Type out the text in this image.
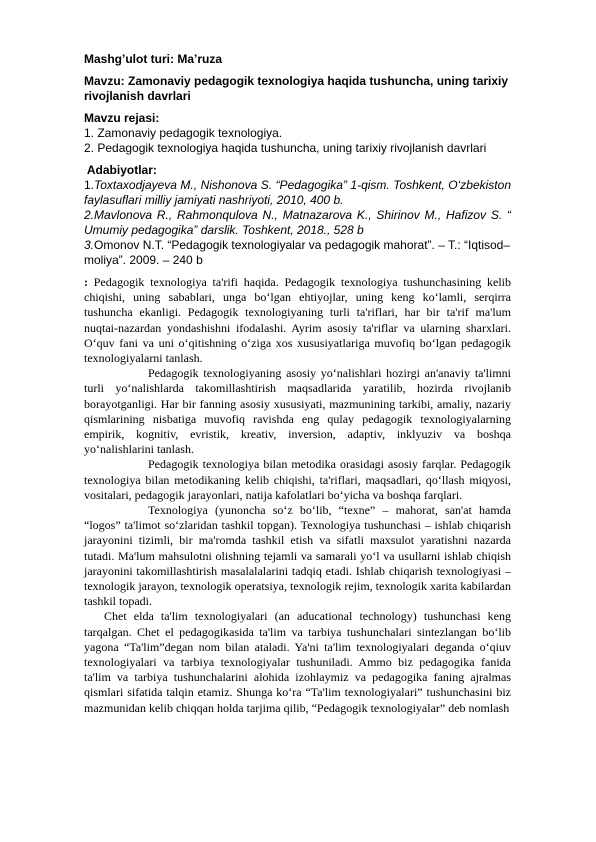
Mashg’ulot turi: Ma’ruza

Mavzu: Zamonaviy pedagogik texnologiya haqida tushuncha, uning tarixiy rivojlanish davrlari

Mavzu rejasi:

1. Zamonaviy pedagogik texnologiya.

2. Pedagogik texnologiya haqida tushuncha, uning tarixiy rivojlanish davrlari

Adabiyotlar:

1.Toxtaxodjayeva M., Nishonova S. “Pedagogika” 1-qism. Toshkent, O‘zbekiston faylasuflari milliy jamiyati nashriyoti, 2010, 400 b.

2.Mavlonova R., Rahmonqulova N., Matnazarova K., Shirinov M., Hafizov S. “ Umumiy pedagogika” darslik. Toshkent, 2018., 528 b

3.Omonov N.T. “Pedagogik texnologiyalar va pedagogik mahorat”. – T.: “Iqtisod–moliya”. 2009. – 240 b

: Pedagogik texnologiya ta'rifi haqida. Pedagogik texnologiya tushunchasining kelib chiqishi, uning sabablari, unga bo‘lgan ehtiyojlar, uning keng ko‘lamli, serqirra tushuncha ekanligi. Pedagogik texnologiyaning turli ta'riflari, har bir ta'rif ma'lum nuqtai-nazardan yondashishni ifodalashi. Ayrim asosiy ta'riflar va ularning sharxlari. O‘quv fani va uni o‘qitishning o‘ziga xos xususiyatlariga muvofiq bo‘lgan pedagogik texnologiyalarni tanlash.

Pedagogik texnologiyaning asosiy yo‘nalishlari hozirgi an'anaviy ta'limni turli yo‘nalishlarda takomillashtirish maqsadlarida yaratilib, hozirda rivojlanib borayotganligi. Har bir fanning asosiy xususiyati, mazmunining tarkibi, amaliy, nazariy qismlarining nisbatiga muvofiq ravishda eng qulay pedagogik texnologiyalarning empirik, kognitiv, evristik, kreativ, inversion, adaptiv, inklyuziv va boshqa yo‘nalishlarini tanlash.

Pedagogik texnologiya bilan metodika orasidagi asosiy farqlar. Pedagogik texnologiya bilan metodikaning kelib chiqishi, ta'riflari, maqsadlari, qo‘llash miqyosi, vositalari, pedagogik jarayonlari, natija kafolatlari bo‘yicha va boshqa farqlari.

Texnologiya (yunoncha so‘z bo‘lib, “texne” – mahorat, san'at hamda “logos” ta'limot so‘zlaridan tashkil topgan). Texnologiya tushunchasi – ishlab chiqarish jarayonini tizimli, bir ma'romda tashkil etish va sifatli maxsulot yaratishni nazarda tutadi. Ma'lum mahsulotni olishning tejamli va samarali yo‘l va usullarni ishlab chiqish jarayonini takomillashtirish masalalalarini tadqiq etadi. Ishlab chiqarish texnologiyasi – texnologik jarayon, texnologik operatsiya, texnologik rejim, texnologik xarita kabilardan tashkil topadi.

Chet elda ta'lim texnologiyalari (an aducational technology) tushunchasi keng tarqalgan. Chet el pedagogikasida ta'lim va tarbiya tushunchalari sintezlangan bo‘lib yagona “Ta'lim”degan nom bilan ataladi. Ya'ni ta'lim texnologiyalari deganda o‘qiuv texnologiyalari va tarbiya texnologiyalar tushuniladi. Ammo biz pedagogika fanida ta'lim va tarbiya tushunchalarini alohida izohlaymiz va pedagogika faning ajralmas qismlari sifatida talqin etamiz. Shunga ko‘ra “Ta'lim texnologiyalari” tushunchasini biz mazmunidan kelib chiqqan holda tarjima qilib, “Pedagogik texnologiyalar” deb nomlash
